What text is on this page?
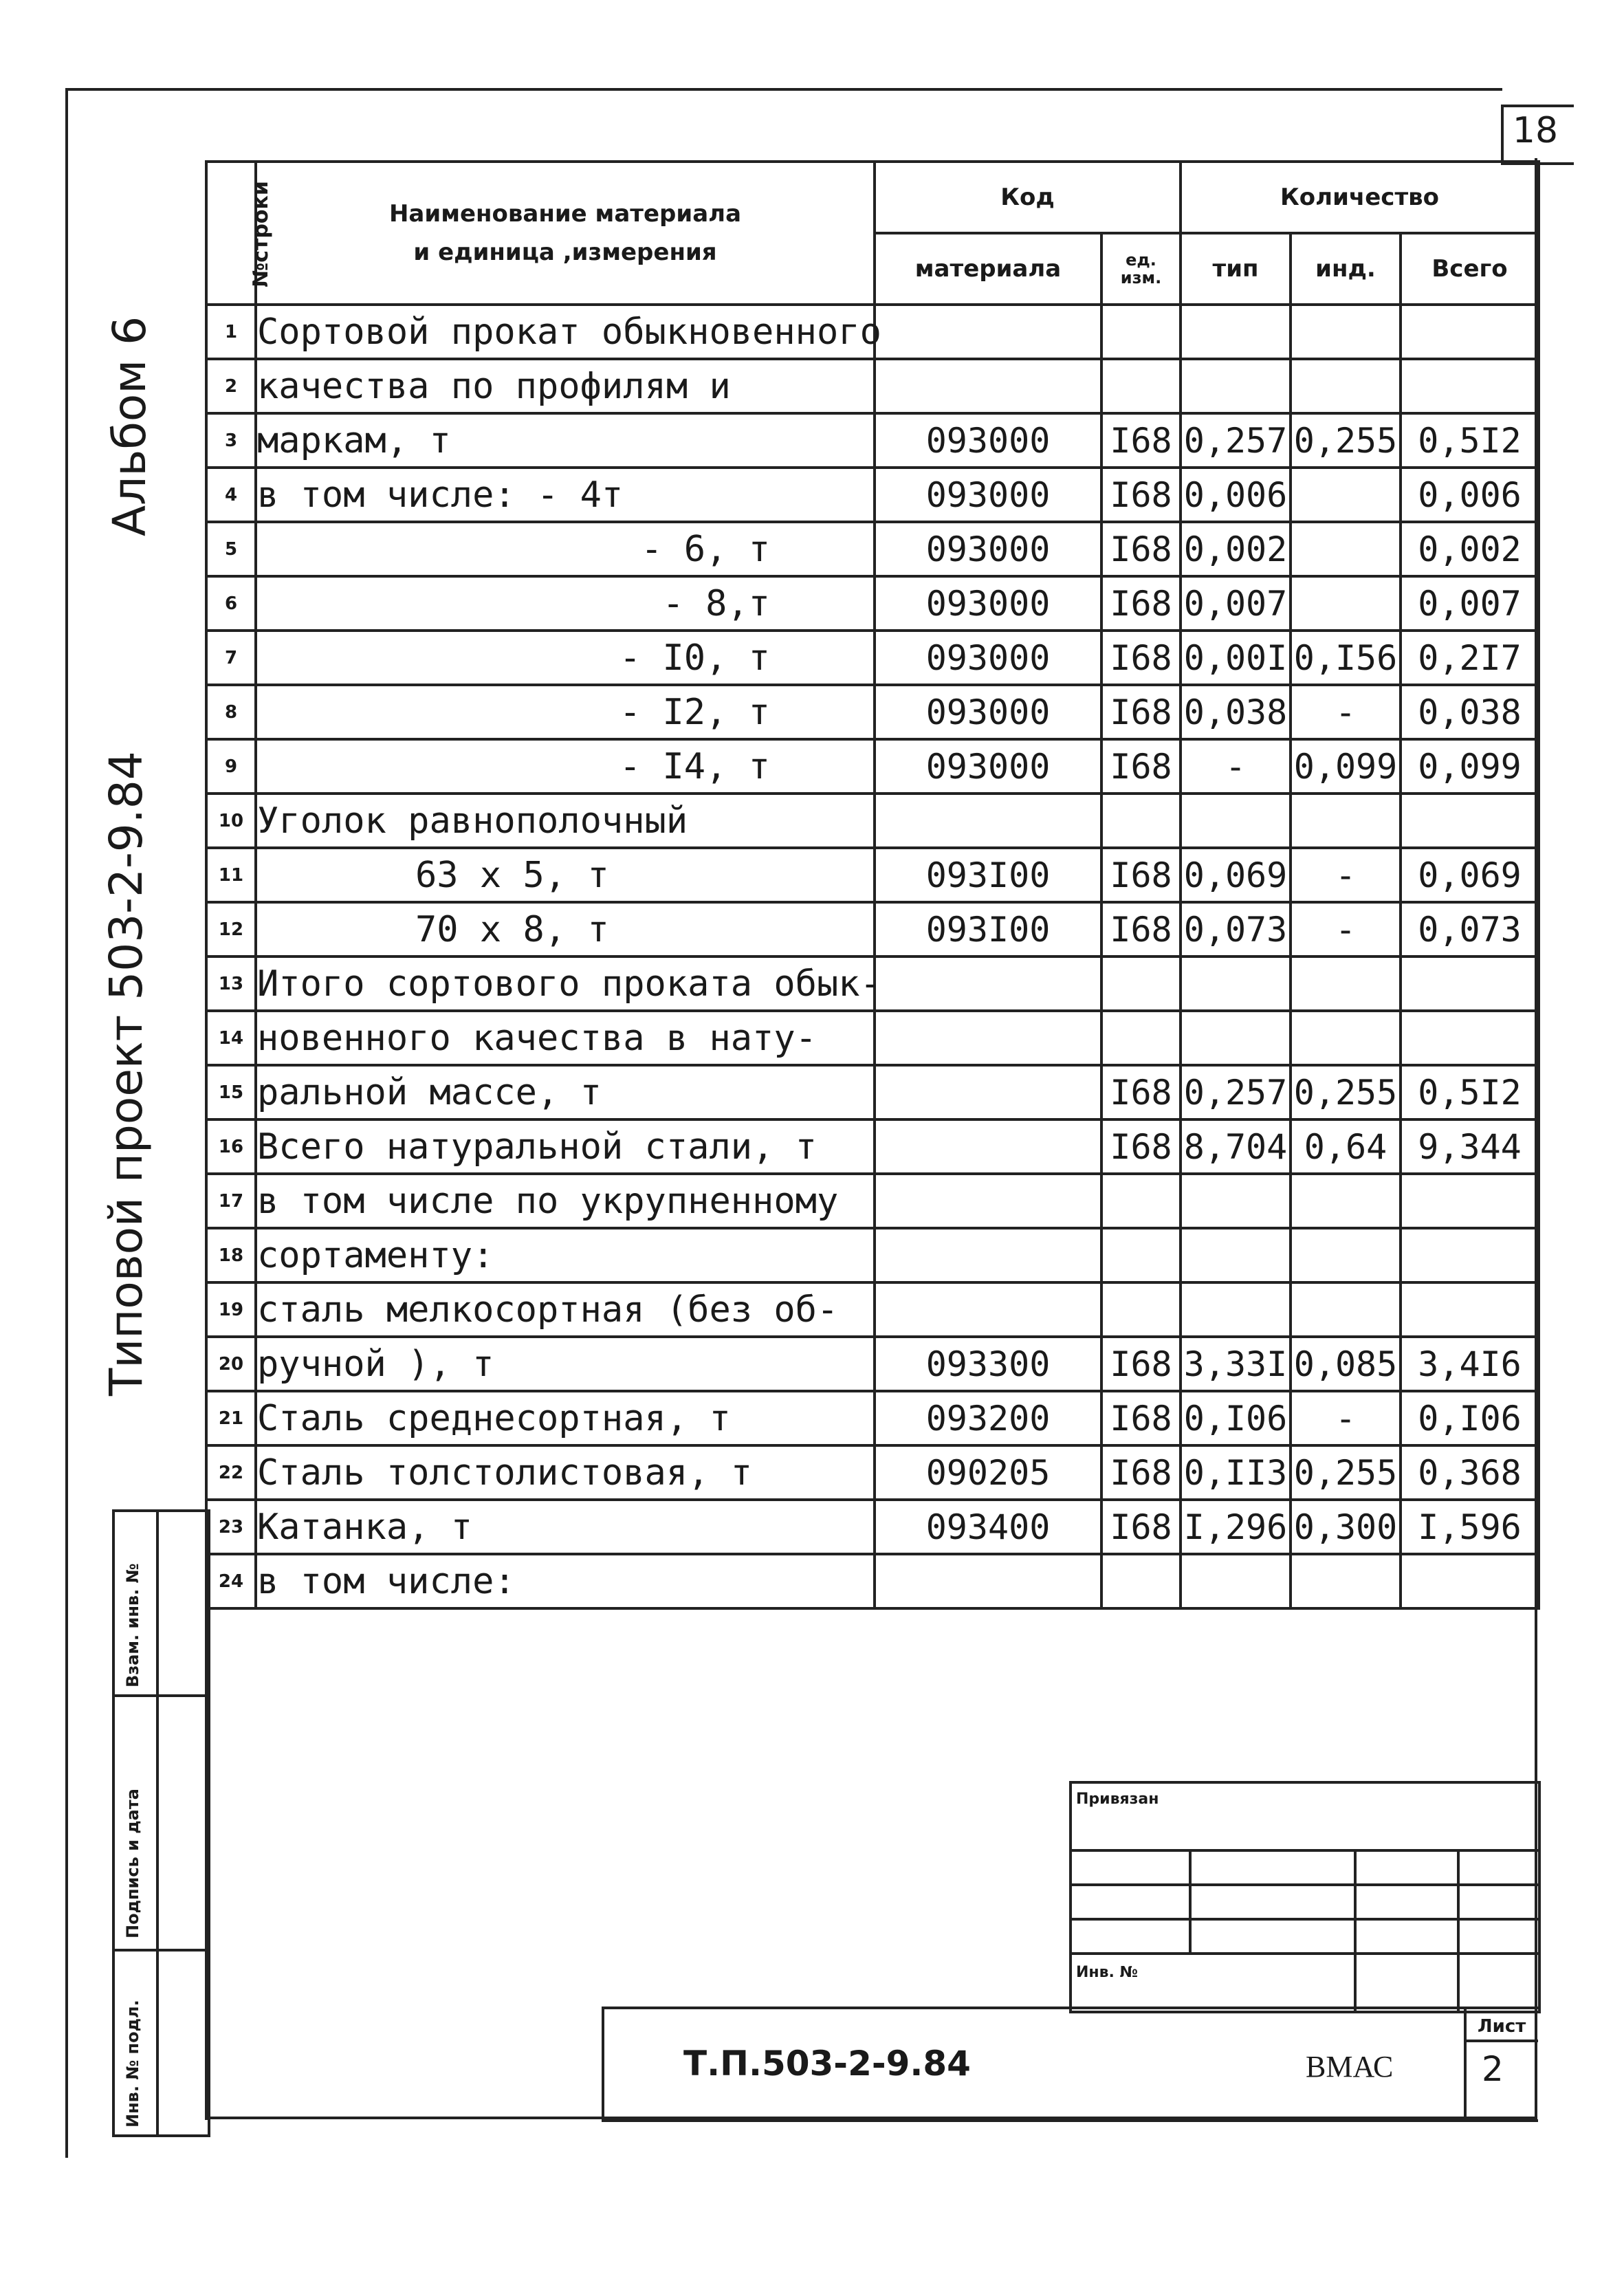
18
Альбом 6
Типовой проект 503-2-9.84
№строки	Наименование материала
и единица ,измерения	Код		Количество		
		материала	ед. изм.	тип	инд.	Всего
1	Сортовой прокат обыкновенного					
2	качества по профилям и					
3	маркам, т	093000	I68	0,257	0,255	0,5I2
4	в том числе: - 4т	093000	I68	0,006		0,006
5	- 6, т	093000	I68	0,002		0,002
6	- 8,т	093000	I68	0,007		0,007
7	- I0, т	093000	I68	0,00I	0,I56	0,2I7
8	- I2, т	093000	I68	0,038	-	0,038
9	- I4, т	093000	I68	-	0,099	0,099
10	Уголок равнополочный					
11	63 х 5, т	093I00	I68	0,069	-	0,069
12	70 х 8, т	093I00	I68	0,073	-	0,073
13	Итого сортового проката обык-					
14	новенного качества в нату-					
15	ральной массе, т		I68	0,257	0,255	0,5I2
16	Всего натуральной стали, т		I68	8,704	0,64	9,344
17	в том числе по укрупненному					
18	сортаменту:					
19	сталь мелкосортная (без об-					
20	ручной ), т	093300	I68	3,33I	0,085	3,4I6
21	Сталь среднесортная, т	093200	I68	0,I06	-	0,I06
22	Сталь толстолистовая, т	090205	I68	0,II3	0,255	0,368
23	Катанка, т	093400	I68	I,296	0,300	I,596
24	в том числе:					
Взам. инв. №
Подпись и дата
Инв. № подл.
Привязан
Инв. №
Т.П.503-2-9.84	ВМАС
Лист
2
